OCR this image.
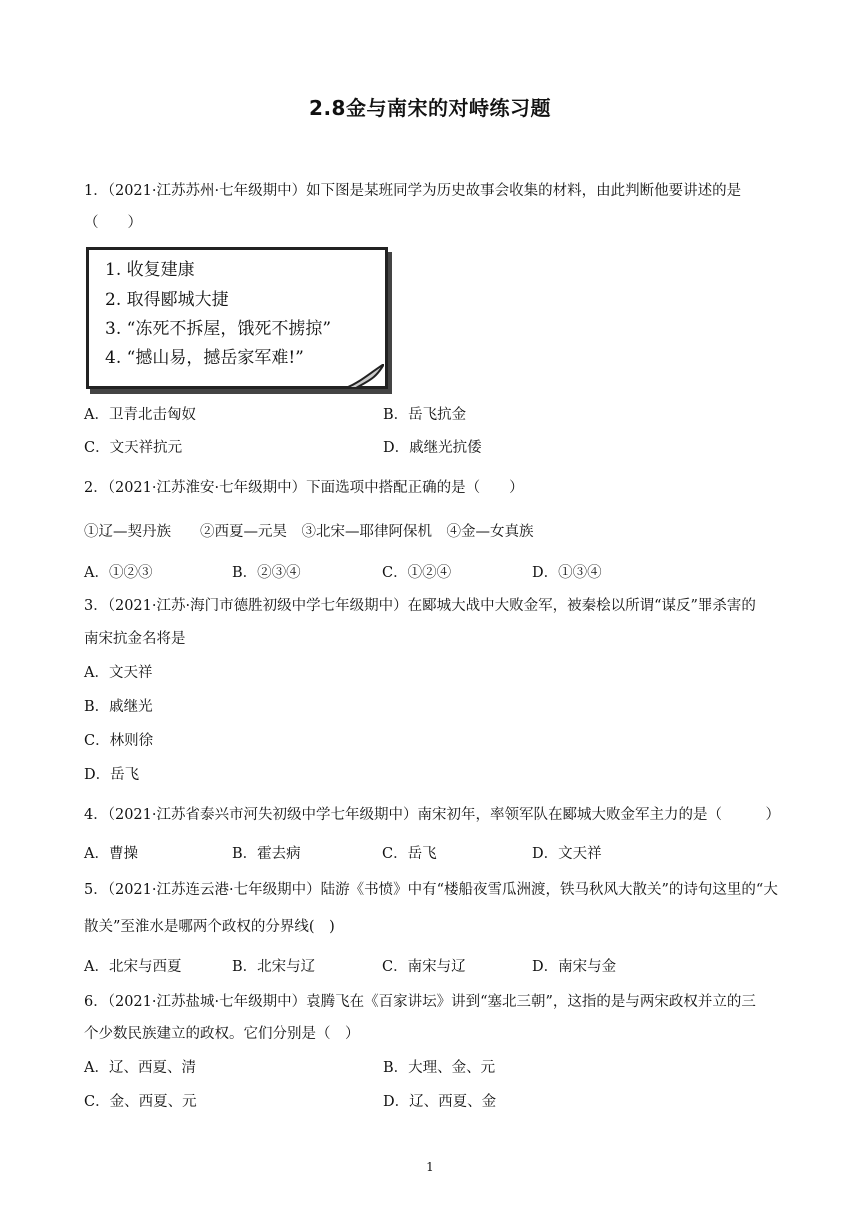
2.8金与南宋的对峙练习题
1．（2021·江苏苏州·七年级期中）如下图是某班同学为历史故事会收集的材料，由此判断他要讲述的是
（　　）
1. 收复建康
2. 取得郾城大捷
3. “冻死不拆屋，饿死不掳掠”
4. “撼山易，撼岳家军难!”
A．卫青北击匈奴	B．岳飞抗金
C．文天祥抗元	D．戚继光抗倭
2．（2021·江苏淮安·七年级期中）下面选项中搭配正确的是（　　）
①辽—契丹族　　②西夏—元昊　③北宋—耶律阿保机　④金—女真族
A．①②③	B．②③④	C．①②④	D．①③④
3．（2021·江苏·海门市德胜初级中学七年级期中）在郾城大战中大败金军，被秦桧以所谓“谋反”罪杀害的
南宋抗金名将是
A．文天祥
B．戚继光
C．林则徐
D．岳飞
4．（2021·江苏省泰兴市河失初级中学七年级期中）南宋初年，率领军队在郾城大败金军主力的是（　　　）
A．曹操	B．霍去病	C．岳飞	D．文天祥
5．（2021·江苏连云港·七年级期中）陆游《书愤》中有“楼船夜雪瓜洲渡，铁马秋风大散关”的诗句这里的“大
散关”至淮水是哪两个政权的分界线(　)
A．北宋与西夏	B．北宋与辽	C．南宋与辽	D．南宋与金
6．（2021·江苏盐城·七年级期中）袁腾飞在《百家讲坛》讲到“塞北三朝”，这指的是与两宋政权并立的三
个少数民族建立的政权。它们分别是（　）
A．辽、西夏、清	B．大理、金、元
C．金、西夏、元	D．辽、西夏、金
1
